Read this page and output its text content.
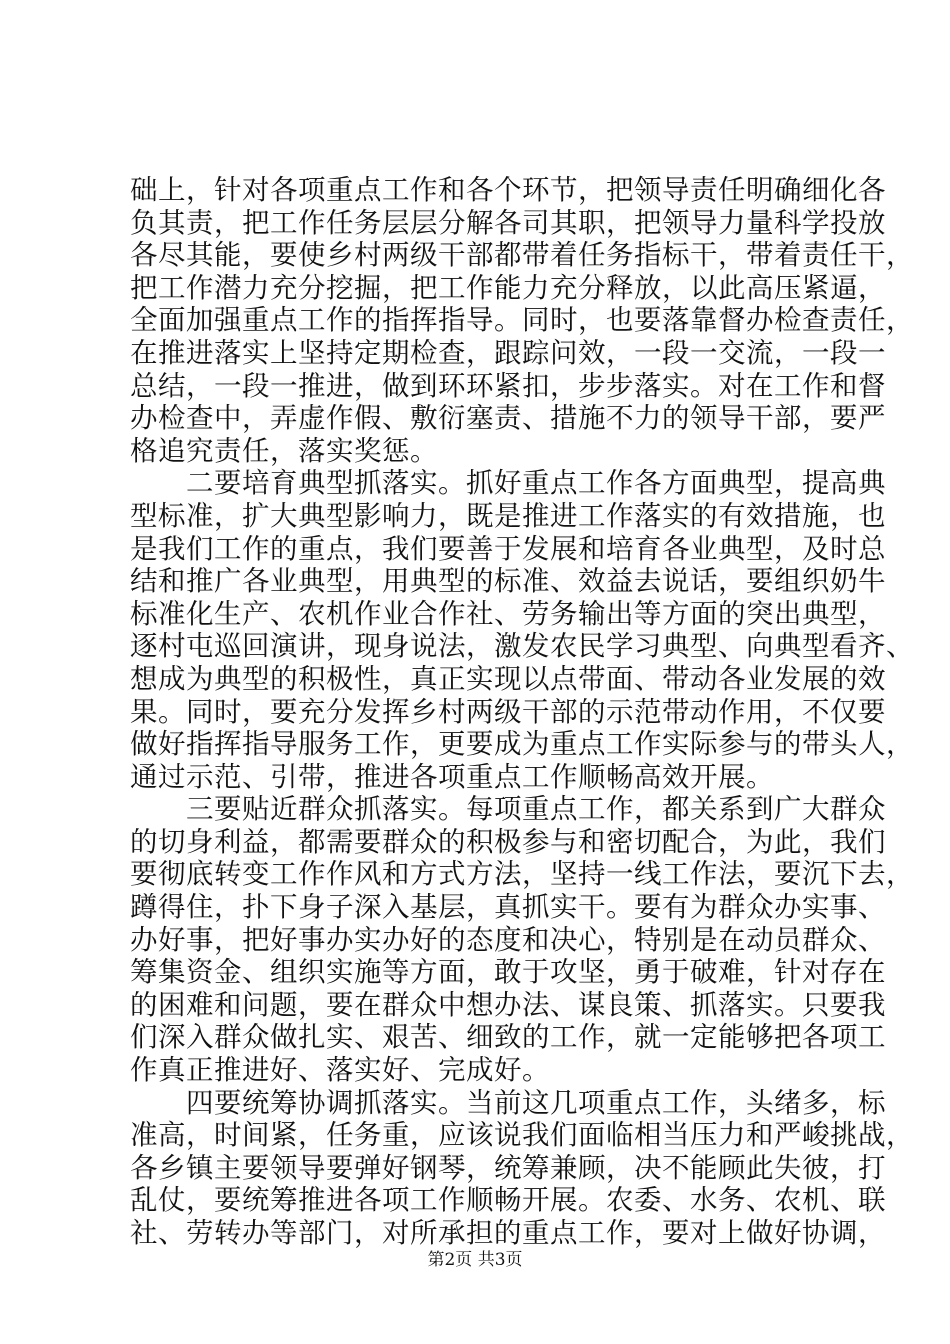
础上，针对各项重点工作和各个环节，把领导责任明确细化各
负其责，把工作任务层层分解各司其职，把领导力量科学投放
各尽其能，要使乡村两级干部都带着任务指标干，带着责任干，
把工作潜力充分挖掘，把工作能力充分释放，以此高压紧逼，
全面加强重点工作的指挥指导。同时，也要落靠督办检查责任，
在推进落实上坚持定期检查，跟踪问效，一段一交流，一段一
总结，一段一推进，做到环环紧扣，步步落实。对在工作和督
办检查中，弄虚作假、敷衍塞责、措施不力的领导干部，要严
格追究责任，落实奖惩。
　　二要培育典型抓落实。抓好重点工作各方面典型，提高典
型标准，扩大典型影响力，既是推进工作落实的有效措施，也
是我们工作的重点，我们要善于发展和培育各业典型，及时总
结和推广各业典型，用典型的标准、效益去说话，要组织奶牛
标准化生产、农机作业合作社、劳务输出等方面的突出典型，
逐村屯巡回演讲，现身说法，激发农民学习典型、向典型看齐、
想成为典型的积极性，真正实现以点带面、带动各业发展的效
果。同时，要充分发挥乡村两级干部的示范带动作用，不仅要
做好指挥指导服务工作，更要成为重点工作实际参与的带头人，
通过示范、引带，推进各项重点工作顺畅高效开展。
　　三要贴近群众抓落实。每项重点工作，都关系到广大群众
的切身利益，都需要群众的积极参与和密切配合，为此，我们
要彻底转变工作作风和方式方法，坚持一线工作法，要沉下去，
蹲得住，扑下身子深入基层，真抓实干。要有为群众办实事、
办好事，把好事办实办好的态度和决心，特别是在动员群众、
筹集资金、组织实施等方面，敢于攻坚，勇于破难，针对存在
的困难和问题，要在群众中想办法、谋良策、抓落实。只要我
们深入群众做扎实、艰苦、细致的工作，就一定能够把各项工
作真正推进好、落实好、完成好。
　　四要统筹协调抓落实。当前这几项重点工作，头绪多，标
准高，时间紧，任务重，应该说我们面临相当压力和严峻挑战，
各乡镇主要领导要弹好钢琴，统筹兼顾，决不能顾此失彼，打
乱仗，要统筹推进各项工作顺畅开展。农委、水务、农机、联
社、劳转办等部门，对所承担的重点工作，要对上做好协调，
第2页 共3页
